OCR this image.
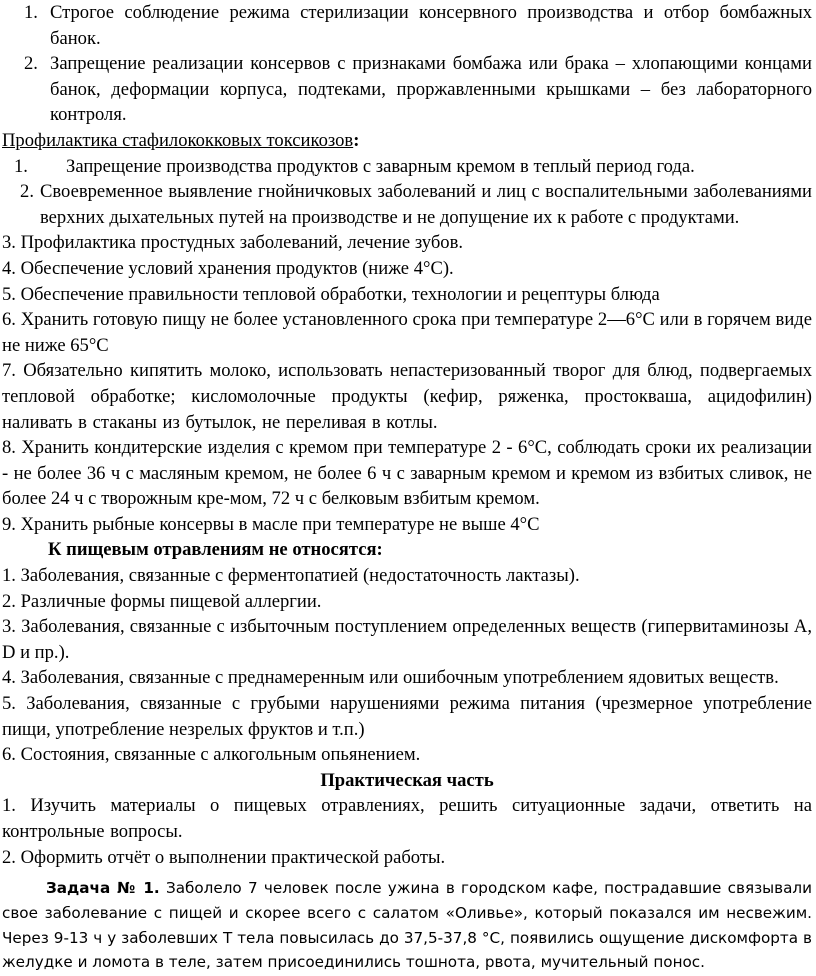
1. Строгое соблюдение режима стерилизации консервного производства и отбор бомбажных банок.
2. Запрещение реализации консервов с признаками бомбажа или брака – хлопающими концами банок, деформации корпуса, подтеками, проржавленными крышками – без лабораторного контроля.

Профилактика стафилококковых токсикозов:

1.	Запрещение производства продуктов с заварным кремом в теплый период года.
2. Своевременное выявление гнойничковых заболеваний и лиц с воспалительными заболеваниями верхних дыхательных путей на производстве и не допущение их к работе с продуктами.

3. Профилактика простудных заболеваний, лечение зубов.

4. Обеспечение условий хранения продуктов (ниже 4°С).

5. Обеспечение правильности тепловой обработки, технологии и рецептуры блюда

6. Хранить готовую пищу не более установленного срока при температуре 2—6°С или в горячем виде не ниже 65°С

7. Обязательно кипятить молоко, использовать непастеризованный творог для блюд, подвергаемых тепловой обработке; кисломолочные продукты (кефир, ряженка, простокваша, ацидофилин) наливать в стаканы из бутылок, не переливая в котлы.

8. Хранить кондитерские изделия с кремом при температуре 2 - 6°С, соблюдать сроки их реализации - не более 36 ч с масляным кремом, не более 6 ч с заварным кремом и кремом из взбитых сливок, не более 24 ч с творожным кре-мом, 72 ч с белковым взбитым кремом.

9. Хранить рыбные консервы в масле при температуре не выше 4°С

К пищевым отравлениям не относятся:

1. Заболевания, связанные с ферментопатией (недостаточность лактазы).

2. Различные формы пищевой аллергии.

3. Заболевания, связанные с избыточным поступлением определенных веществ (гипервитаминозы A, D и пр.).

4. Заболевания, связанные с преднамеренным или ошибочным употреблением ядовитых веществ.

5. Заболевания, связанные с грубыми нарушениями режима питания (чрезмерное употребление пищи, употребление незрелых фруктов и т.п.)

6. Состояния, связанные с алкогольным опьянением.

Практическая часть

1. Изучить материалы о пищевых отравлениях, решить ситуационные задачи, ответить на контрольные вопросы.

2. Оформить отчёт о выполнении практической работы.

Задача № 1. Заболело 7 человек после ужина в городском кафе, пострадавшие связывали свое заболевание с пищей и скорее всего с салатом «Оливье», который показался им несвежим. Через 9-13 ч у заболевших Т тела повысилась до 37,5-37,8 °С, появились ощущение дискомфорта в желудке и ломота в теле, затем присоединились тошнота, рвота, мучительный понос.
